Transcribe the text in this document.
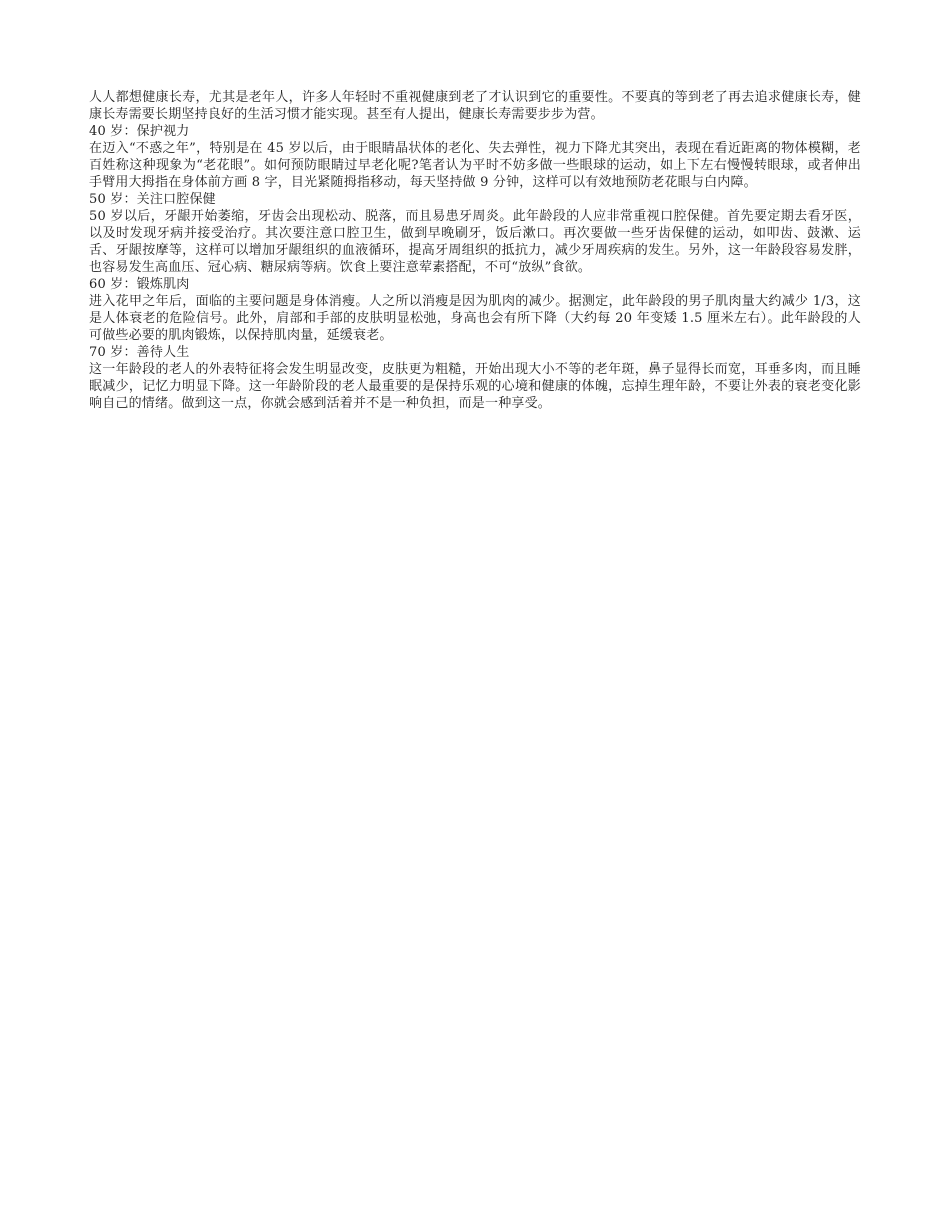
人人都想健康长寿，尤其是老年人，许多人年轻时不重视健康到老了才认识到它的重要性。不要真的等到老了再去追求健康长寿，健康长寿需要长期坚持良好的生活习惯才能实现。甚至有人提出，健康长寿需要步步为营。

40 岁：保护视力

在迈入“不惑之年”，特别是在 45 岁以后，由于眼睛晶状体的老化、失去弹性，视力下降尤其突出，表现在看近距离的物体模糊，老百姓称这种现象为“老花眼”。如何预防眼睛过早老化呢?笔者认为平时不妨多做一些眼球的运动，如上下左右慢慢转眼球，或者伸出手臂用大拇指在身体前方画 8 字，目光紧随拇指移动，每天坚持做 9 分钟，这样可以有效地预防老花眼与白内障。

50 岁：关注口腔保健

50 岁以后，牙龈开始萎缩，牙齿会出现松动、脱落，而且易患牙周炎。此年龄段的人应非常重视口腔保健。首先要定期去看牙医，以及时发现牙病并接受治疗。其次要注意口腔卫生，做到早晚刷牙，饭后漱口。再次要做一些牙齿保健的运动，如叩齿、鼓漱、运舌、牙龈按摩等，这样可以增加牙龈组织的血液循环，提高牙周组织的抵抗力，减少牙周疾病的发生。另外，这一年龄段容易发胖，也容易发生高血压、冠心病、糖尿病等病。饮食上要注意荤素搭配，不可“放纵”食欲。

60 岁：锻炼肌肉

进入花甲之年后，面临的主要问题是身体消瘦。人之所以消瘦是因为肌肉的减少。据测定，此年龄段的男子肌肉量大约减少 1/3，这是人体衰老的危险信号。此外，肩部和手部的皮肤明显松弛，身高也会有所下降（大约每 20 年变矮 1.5 厘米左右）。此年龄段的人可做些必要的肌肉锻炼，以保持肌肉量，延缓衰老。

70 岁：善待人生

这一年龄段的老人的外表特征将会发生明显改变，皮肤更为粗糙，开始出现大小不等的老年斑，鼻子显得长而宽，耳垂多肉，而且睡眠减少，记忆力明显下降。这一年龄阶段的老人最重要的是保持乐观的心境和健康的体魄，忘掉生理年龄，不要让外表的衰老变化影响自己的情绪。做到这一点，你就会感到活着并不是一种负担，而是一种享受。
